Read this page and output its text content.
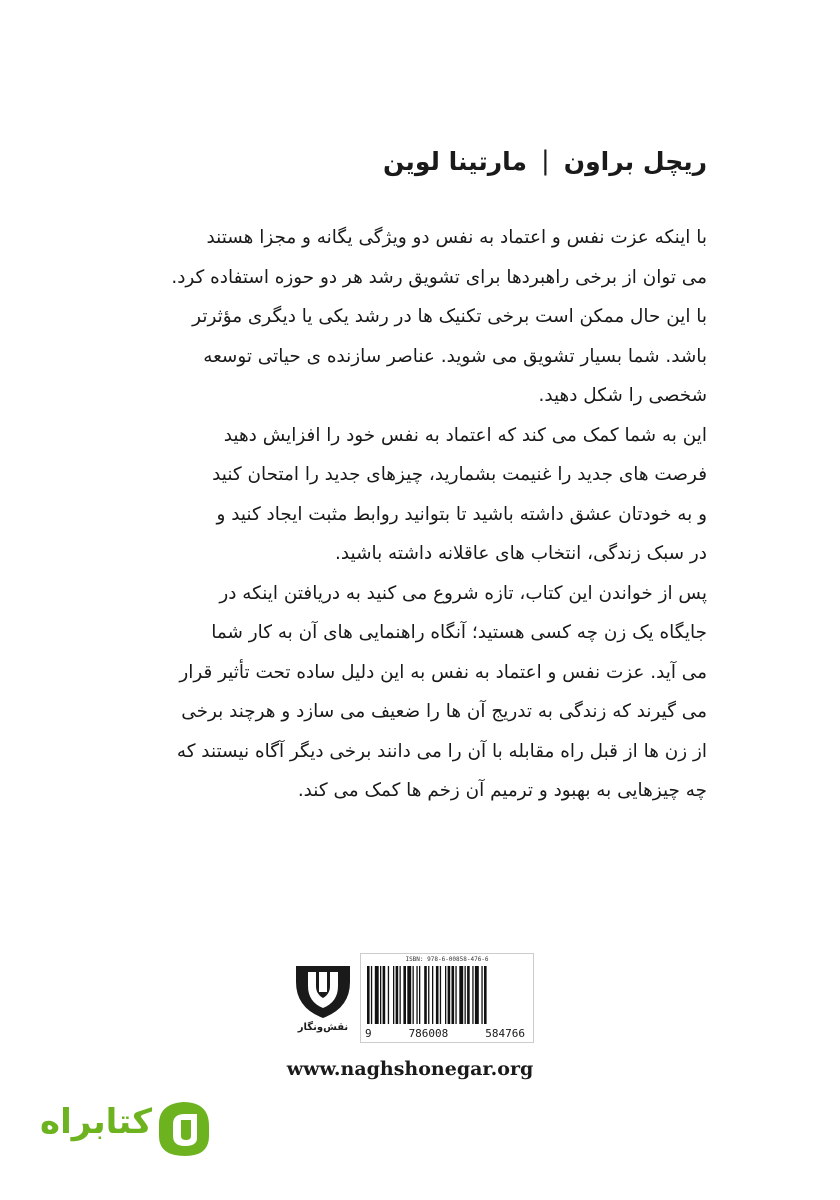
ریچل براون
|
مارتینا لوین

با اینکه عزت نفس و اعتماد به نفس دو ویژگی یگانه و مجزا هستند

می توان از برخی راهبردها برای تشویق رشد هر دو حوزه استفاده کرد.

با این حال ممکن است برخی تکنیک ها در رشد یکی یا دیگری مؤثرتر

باشد. شما بسیار تشویق می شوید. عناصر سازنده ی حیاتی توسعه

شخصی را شکل دهید.

این به شما کمک می کند که اعتماد به نفس خود را افزایش دهید

فرصت های جدید را غنیمت بشمارید، چیزهای جدید را امتحان کنید

و به خودتان عشق داشته باشید تا بتوانید روابط مثبت ایجاد کنید و

در سبک زندگی، انتخاب های عاقلانه داشته باشید.

پس از خواندن این کتاب، تازه شروع می کنید به دریافتن اینکه در

جایگاه یک زن چه کسی هستید؛ آنگاه راهنمایی های آن به کار شما

می آید. عزت نفس و اعتماد به نفس به این دلیل ساده تحت تأثیر قرار

می گیرند که زندگی به تدریج آن ها را ضعیف می سازد و هرچند برخی

از زن ها از قبل راه مقابله با آن را می دانند برخی دیگر آگاه نیستند که

چه چیزهایی به بهبود و ترمیم آن زخم ها کمک می کند.

نقش‌ونگار
ISBN: 978-6-00858-476-6
9	786008	584766
www.naghshonegar.org
کتابراه
